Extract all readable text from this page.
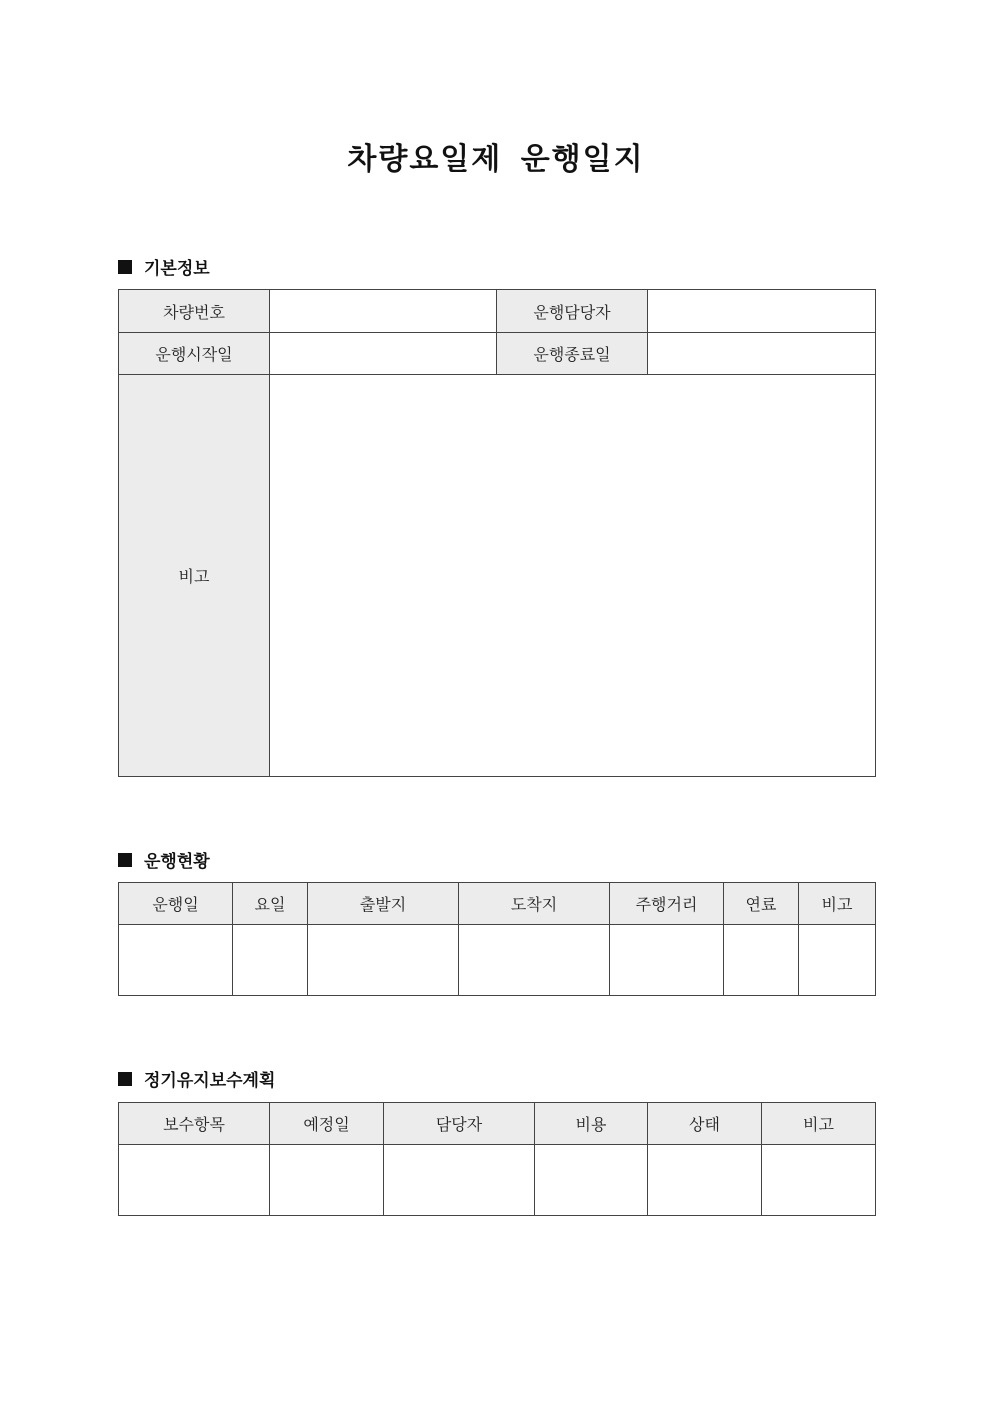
차량요일제 운행일지
기본정보
차량번호		운행담당자	
운행시작일		운행종료일	
비고			
운행현황
운행일	요일	출발지	도착지	주행거리	연료	비고

정기유지보수계획
보수항목	예정일	담당자	비용	상태	비고
